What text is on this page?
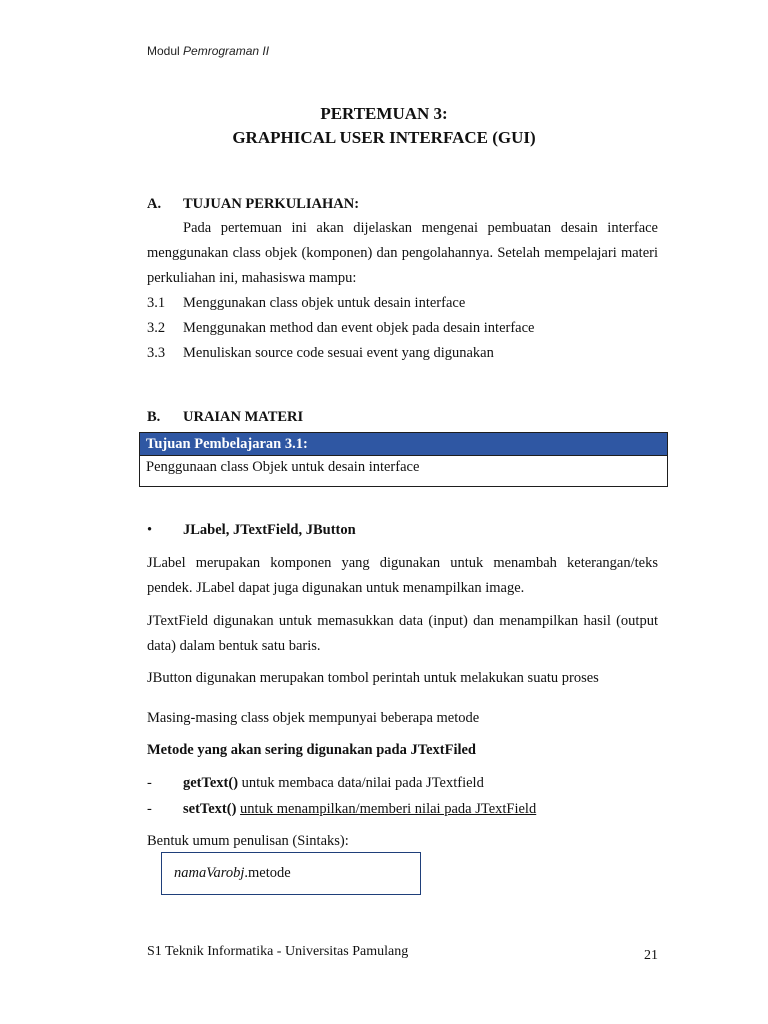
Modul Pemrograman II
PERTEMUAN 3:
GRAPHICAL USER INTERFACE (GUI)
A. TUJUAN PERKULIAHAN:
Pada pertemuan ini akan dijelaskan mengenai pembuatan desain interface menggunakan class objek (komponen) dan pengolahannya. Setelah mempelajari materi perkuliahan ini, mahasiswa mampu:
3.1 Menggunakan class objek untuk desain interface
3.2 Menggunakan method dan event objek pada desain interface
3.3 Menuliskan source code sesuai event yang digunakan
B. URAIAN MATERI
Tujuan Pembelajaran 3.1:
Penggunaan class Objek untuk desain interface
• JLabel, JTextField, JButton
JLabel merupakan komponen yang digunakan untuk menambah keterangan/teks pendek. JLabel dapat juga digunakan untuk menampilkan image.
JTextField digunakan untuk memasukkan data (input) dan menampilkan hasil (output data) dalam bentuk satu baris.
JButton digunakan merupakan tombol perintah untuk melakukan suatu proses
Masing-masing class objek mempunyai beberapa metode
Metode yang akan sering digunakan pada JTextFiled
- getText() untuk membaca data/nilai pada JTextfield
- setText() untuk menampilkan/memberi nilai pada JTextField
Bentuk umum penulisan (Sintaks):
namaVarobj.metode
S1 Teknik Informatika - Universitas Pamulang	21
